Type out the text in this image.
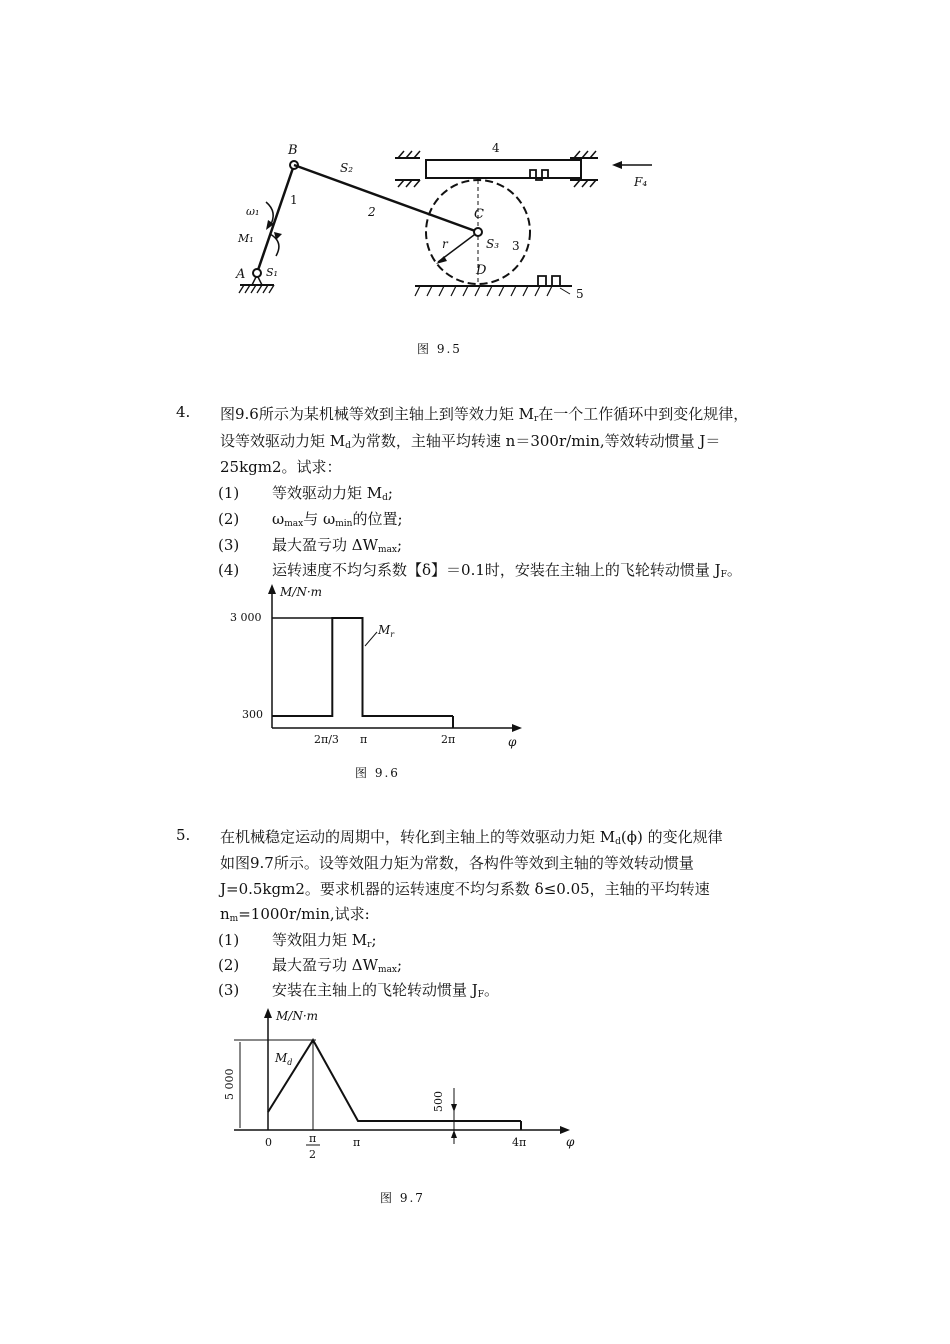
B
S₂
4
F₄
ω₁
1
2	C
M₁	r	S₃ 3
A S₁	D
5
图 9.5
4. 图9.6所示为某机械等效到主轴上到等效力矩 $M_r$在一个工作循环中到变化规律，
设等效驱动力矩 $M_d$为常数，主轴平均转速 n＝300r/min,等效转动惯量 J＝
25kgm2。试求：
(1) 等效驱动力矩 $M_d$;
(2) $\omega_{max}$与 $\omega_{min}$的位置;
(3) 最大盈亏功 $\Delta W_{max}$;
(4) 运转速度不均匀系数【δ】＝0.1时，安装在主轴上的飞轮转动惯量 $J_F$。
M/N·m
φ
3 000
300
2π/3 π	2π
$M_r$
图 9.6
5. 在机械稳定运动的周期中，转化到主轴上的等效驱动力矩 $M_d(\phi)$ 的变化规律
如图9.7所示。设等效阻力矩为常数，各构件等效到主轴的等效转动惯量
J=0.5kgm2。要求机器的运转速度不均匀系数 δ≤0.05，主轴的平均转速
$n_m=1000r/\min$,试求:
(1) 等效阻力矩 $M_r$;
(2) 最大盈亏功 $\Delta W_{max}$;
(3) 安装在主轴上的飞轮转动惯量 $J_F$。
M/N·m
φ
5 000
500
0	π
2
π	4π
$M_d$
图 9.7
